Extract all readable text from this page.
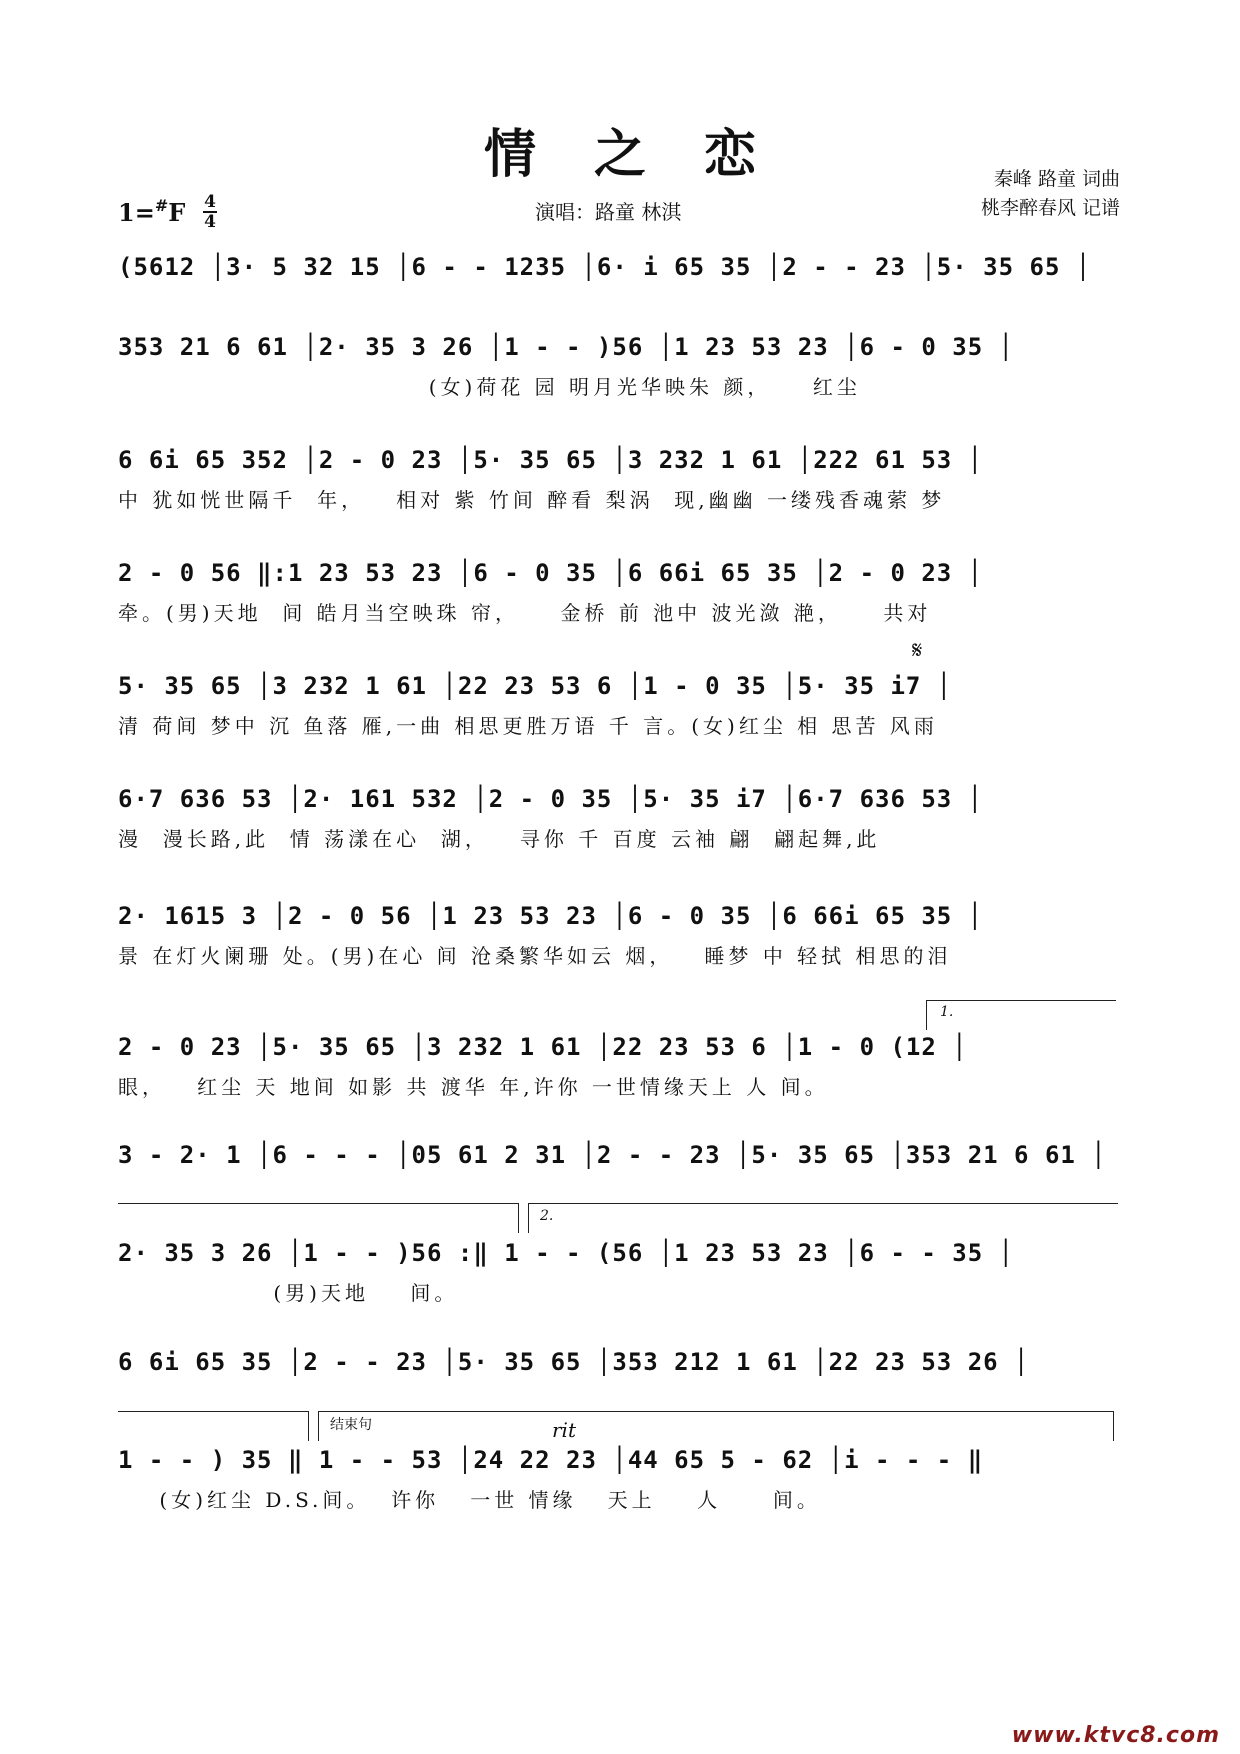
情之恋	秦峰 路童 词曲
桃李醉春风 记谱
1=#F 4
4	演唱：路童 林淇
(5612 │3· 5 32 15 │6 - - 1235 │6· i 65 35 │2 - - 23 │5· 35 65 │
353 21 6 61 │2· 35 3 26 │1 - - )56 │1 23 53 23 │6 - 0 35 │
(女)荷花 园 明月光华映朱 颜，    红尘
6 6i 65 352 │2 - 0 23 │5· 35 65 │3 232 1 61 │222 61 53 │
中 犹如恍世隔千  年，   相对 紫 竹间 醉看 梨涡  现,幽幽 一缕残香魂萦 梦
2 - 0 56 ‖:1 23 53 23 │6 - 0 35 │6 66i 65 35 │2 - 0 23 │
牵。(男)天地  间 皓月当空映珠 帘，    金桥 前 池中 波光潋 滟，    共对
5· 35 65 │3 232 1 61 │22 23 53 6 │1 - 0 35 │5· 35 i7 │
清 荷间 梦中 沉 鱼落 雁,一曲 相思更胜万语 千 言。(女)红尘 相 思苦 风雨
6·7 636 53 │2· 161 532 │2 - 0 35 │5· 35 i7 │6·7 636 53 │
漫  漫长路,此  情 荡漾在心  湖，   寻你 千 百度 云袖 翩  翩起舞,此
2· 1615 3 │2 - 0 56 │1 23 53 23 │6 - 0 35 │6 66i 65 35 │
景 在灯火阑珊 处。(男)在心 间 沧桑繁华如云 烟，   睡梦 中 轻拭 相思的泪
2 - 0 23 │5· 35 65 │3 232 1 61 │22 23 53 6 │1 - 0 (12 │
眼，   红尘 天 地间 如影 共 渡华 年,许你 一世情缘天上 人 间。
3 - 2· 1 │6 - - - │05 61 2 31 │2 - - 23 │5· 35 65 │353 21 6 61 │
2· 35 3 26 │1 - - )56 :‖ 1 - - (56 │1 23 53 23 │6 - - 35 │
(男)天地    间。
6 6i 65 35 │2 - - 23 │5· 35 65 │353 212 1 61 │22 23 53 26 │
1 - - ) 35 ‖ 1 - - 53 │24 22 23 │44 65 5 - 62 │i - - - ‖
(女)红尘 D.S.间。  许你   一世 情缘   天上    人     间。
1.
2.
结束句	rit
𝄋
www.ktvc8.com
